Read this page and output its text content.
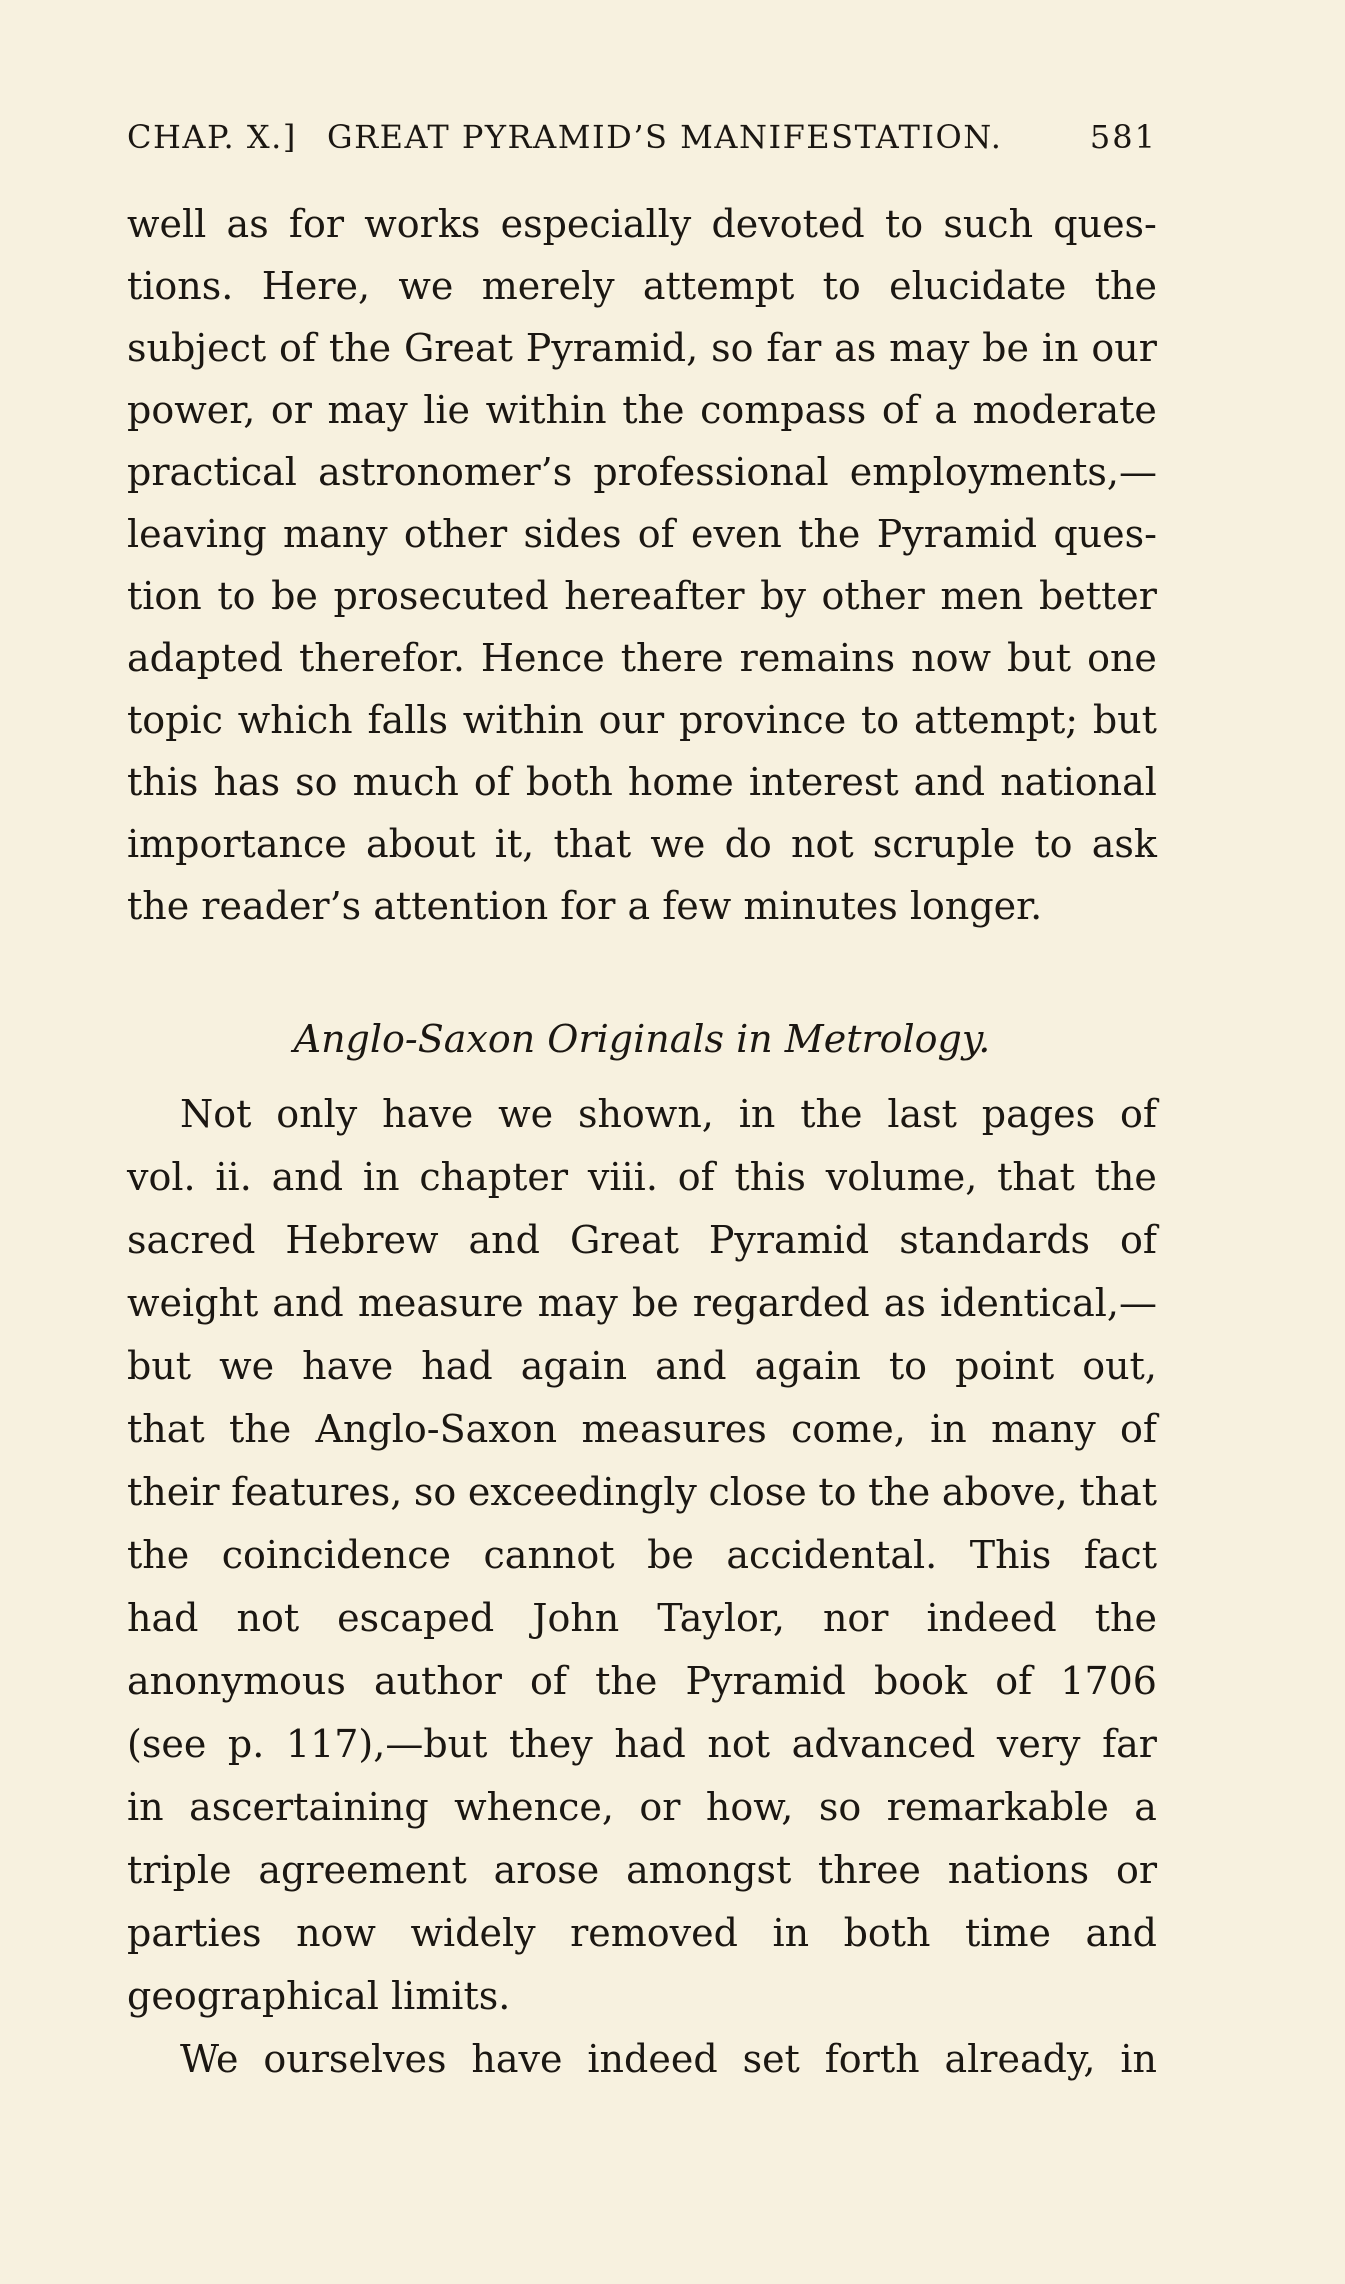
CHAP. X.] GREAT PYRAMID’S MANIFESTATION.	581
well as for works especially devoted to such ques-
tions. Here, we merely attempt to elucidate the
subject of the Great Pyramid, so far as may be in our
power, or may lie within the compass of a moderate
practical astronomer’s professional employments,—
leaving many other sides of even the Pyramid ques-
tion to be prosecuted hereafter by other men better
adapted therefor. Hence there remains now but one
topic which falls within our province to attempt; but
this has so much of both home interest and national
importance about it, that we do not scruple to ask
the reader’s attention for a few minutes longer.
Anglo-Saxon Originals in Metrology.
Not only have we shown, in the last pages of
vol. ii. and in chapter viii. of this volume, that the
sacred Hebrew and Great Pyramid standards of
weight and measure may be regarded as identical,—
but we have had again and again to point out,
that the Anglo-Saxon measures come, in many of
their features, so exceedingly close to the above, that
the coincidence cannot be accidental. This fact
had not escaped John Taylor, nor indeed the
anonymous author of the Pyramid book of 1706
(see p. 117),—but they had not advanced very far
in ascertaining whence, or how, so remarkable a
triple agreement arose amongst three nations or
parties now widely removed in both time and
geographical limits.
We ourselves have indeed set forth already, in
